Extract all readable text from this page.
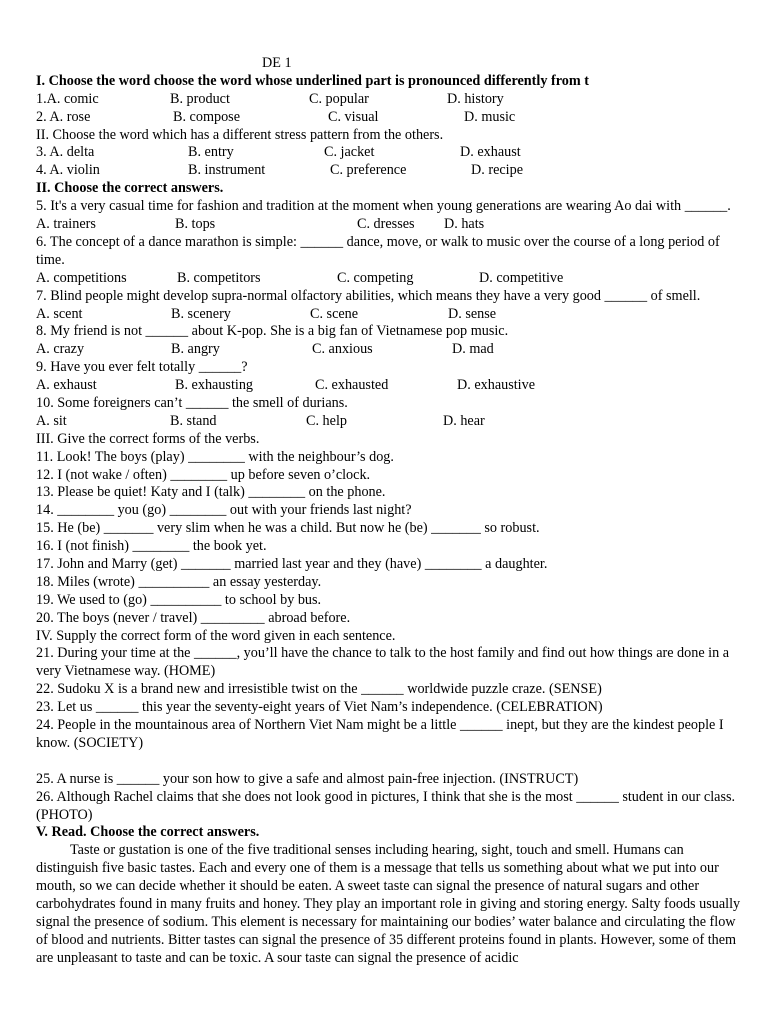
DE 1
I. Choose the word choose the word whose underlined part is pronounced differently from t
1.A. comic	B. product	C. popular	D. history
2. A. rose	B. compose	C. visual	D. music
II. Choose the word which has a different stress pattern from the others.
3. A. delta	B. entry	C. jacket	D. exhaust
4. A. violin	B. instrument	C. preference	D. recipe
II. Choose the correct answers.
5. It's a very casual time for fashion and tradition at the moment when young generations are wearing Ao dai with ______.
A. trainers	B. tops	C. dresses D. hats
6. The concept of a dance marathon is simple: ______ dance, move, or walk to music over the course of a long period of time.
A. competitions	B. competitors	C. competing	D. competitive
7. Blind people might develop supra-normal olfactory abilities, which means they have a very good ______ of smell.
A. scent	B. scenery	C. scene	D. sense
8. My friend is not ______ about K-pop. She is a big fan of Vietnamese pop music.
A. crazy	B. angry	C. anxious	D. mad
9. Have you ever felt totally ______?
A. exhaust	B. exhausting	C. exhausted	D. exhaustive
10. Some foreigners can’t ______ the smell of durians.
A. sit	B. stand	C. help	D. hear
III. Give the correct forms of the verbs.
11. Look! The boys (play) ________ with the neighbour’s dog.
12. I (not wake / often) ________ up before seven o’clock.
13. Please be quiet! Katy and I (talk) ________ on the phone.
14. ________ you (go) ________ out with your friends last night?
15. He (be) _______ very slim when he was a child. But now he (be) _______ so robust.
16. I (not finish) ________ the book yet.
17. John and Marry (get) _______ married last year and they (have) ________ a daughter.
18. Miles (wrote) __________ an essay yesterday.
19. We used to (go) __________ to school by bus.
20. The boys (never / travel) _________ abroad before.
IV. Supply the correct form of the word given in each sentence.
21. During your time at the ______, you’ll have the chance to talk to the host family and find out how things are done in a very Vietnamese way. (HOME)
22. Sudoku X is a brand new and irresistible twist on the ______ worldwide puzzle craze. (SENSE)
23. Let us ______ this year the seventy-eight years of Viet Nam’s independence. (CELEBRATION)
24. People in the mountainous area of Northern Viet Nam might be a little ______ inept, but they are the kindest people I know. (SOCIETY)
25. A nurse is ______ your son how to give a safe and almost pain-free injection. (INSTRUCT)
26. Although Rachel claims that she does not look good in pictures, I think that she is the most ______ student in our class. (PHOTO)
V. Read. Choose the correct answers.
Taste or gustation is one of the five traditional senses including hearing, sight, touch and smell. Humans can distinguish five basic tastes. Each and every one of them is a message that tells us something about what we put into our mouth, so we can decide whether it should be eaten. A sweet taste can signal the presence of natural sugars and other carbohydrates found in many fruits and honey. They play an important role in giving and storing energy. Salty foods usually signal the presence of sodium. This element is necessary for maintaining our bodies’ water balance and circulating the flow of blood and nutrients. Bitter tastes can signal the presence of 35 different proteins found in plants. However, some of them are unpleasant to taste and can be toxic. A sour taste can signal the presence of acidic
